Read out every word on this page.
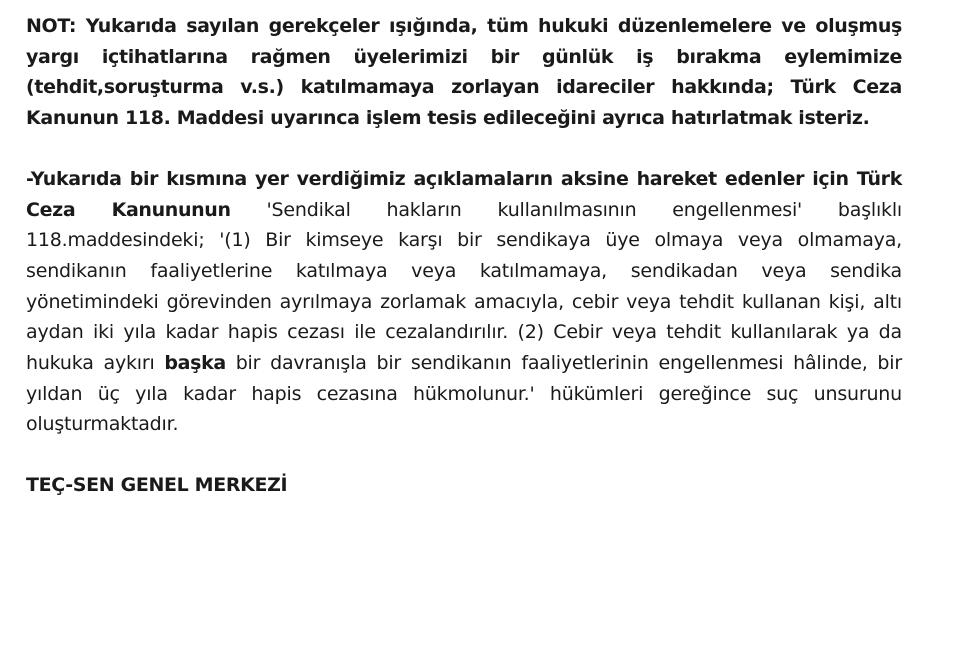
NOT: Yukarıda sayılan gerekçeler ışığında, tüm hukuki düzenlemelere ve oluşmuş yargı içtihatlarına rağmen üyelerimizi bir günlük iş bırakma eylemimize (tehdit,soruşturma v.s.) katılmamaya zorlayan idareciler hakkında; Türk Ceza Kanunun 118. Maddesi uyarınca işlem tesis edileceğini ayrıca hatırlatmak isteriz.

-Yukarıda bir kısmına yer verdiğimiz açıklamaların aksine hareket edenler için Türk Ceza Kanununun 'Sendikal hakların kullanılmasının engellenmesi' başlıklı 118.maddesindeki; '(1) Bir kimseye karşı bir sendikaya üye olmaya veya olmamaya, sendikanın faaliyetlerine katılmaya veya katılmamaya, sendikadan veya sendika yönetimindeki görevinden ayrılmaya zorlamak amacıyla, cebir veya tehdit kullanan kişi, altı aydan iki yıla kadar hapis cezası ile cezalandırılır. (2) Cebir veya tehdit kullanılarak ya da hukuka aykırı başka bir davranışla bir sendikanın faaliyetlerinin engellenmesi hâlinde, bir yıldan üç yıla kadar hapis cezasına hükmolunur.' hükümleri gereğince suç unsurunu oluşturmaktadır.

TEÇ-SEN GENEL MERKEZİ
